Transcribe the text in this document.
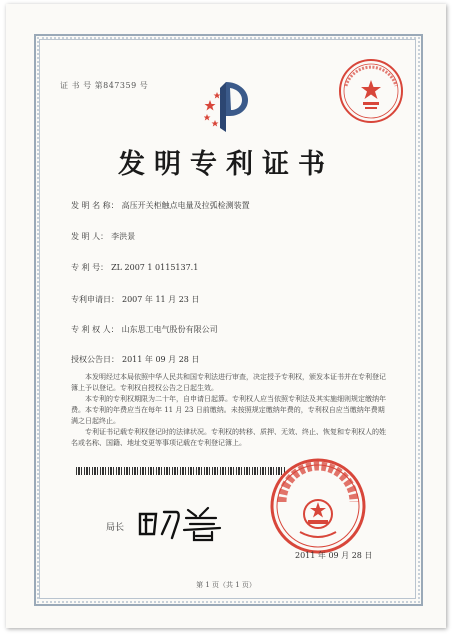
证 书 号 第847359 号
发明专利证书
发 明 名 称： 高压开关柜触点电量及拉弧检测装置
发 明 人： 李洪景
专 利 号： ZL 2007 1 0115137.1
专利申请日： 2007 年 11 月 23 日
专 利 权 人： 山东思工电气股份有限公司
授权公告日： 2011 年 09 月 28 日

本发明经过本局依照中华人民共和国专利法进行审查，决定授予专利权，颁发本证书并在专利登记簿上予以登记。专利权自授权公告之日起生效。

本专利的专利权期限为二十年，自申请日起算。专利权人应当依照专利法及其实施细则规定缴纳年费。本专利的年费应当在每年 11 月 23 日前缴纳。未按照规定缴纳年费的，专利权自应当缴纳年费期满之日起终止。

专利证书记载专利权登记时的法律状况。专利权的转移、质押、无效、终止、恢复和专利权人的姓名或名称、国籍、地址变更等事项记载在专利登记簿上。

局长
2011 年 09 月 28 日
第 1 页（共 1 页）
